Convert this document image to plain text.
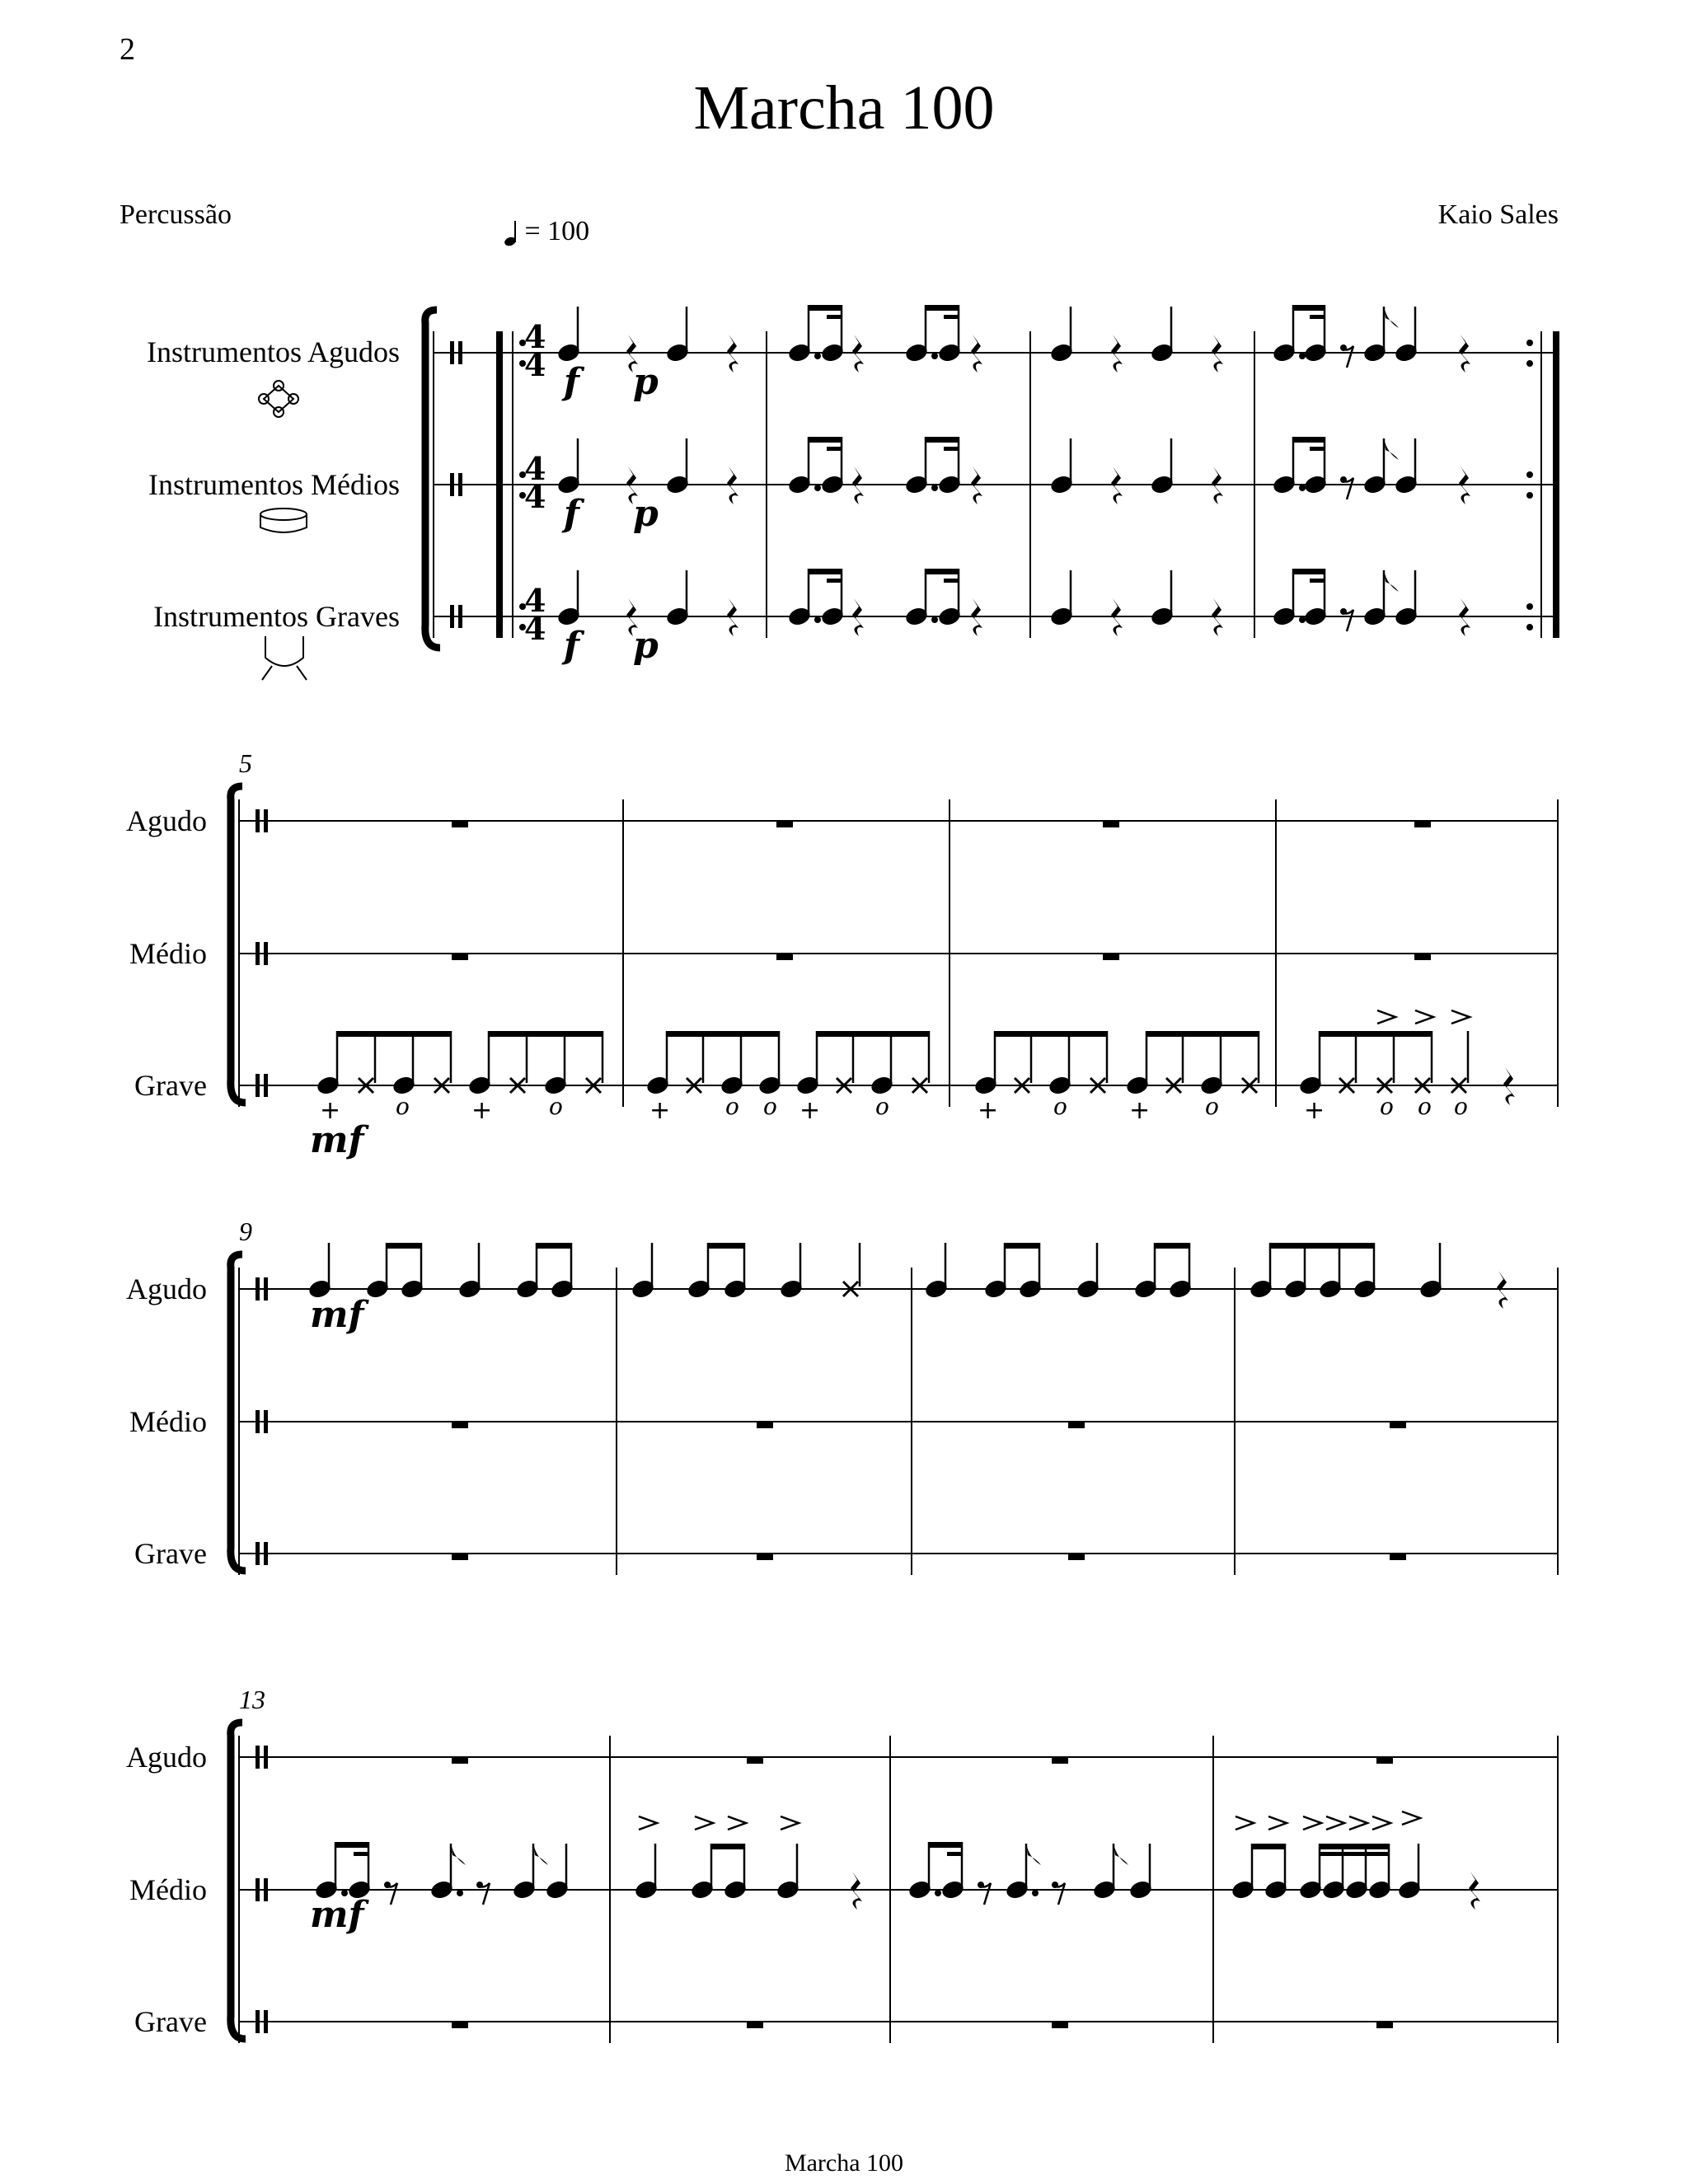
2
Marcha 100
Percussão	Kaio Sales
= 100
Instrumentos Agudos
Instrumentos Médios
Instrumentos Graves
Agudo
Médio
Grave
Agudo
Médio
Grave
Agudo
Médio
Grave
5
9
13
Marcha 100
4
4
4
4
4
4
f p
f p
f p
+ o	+ o	+ o o + o	+ o	+ o	+ o o o
mf
mf
mf
